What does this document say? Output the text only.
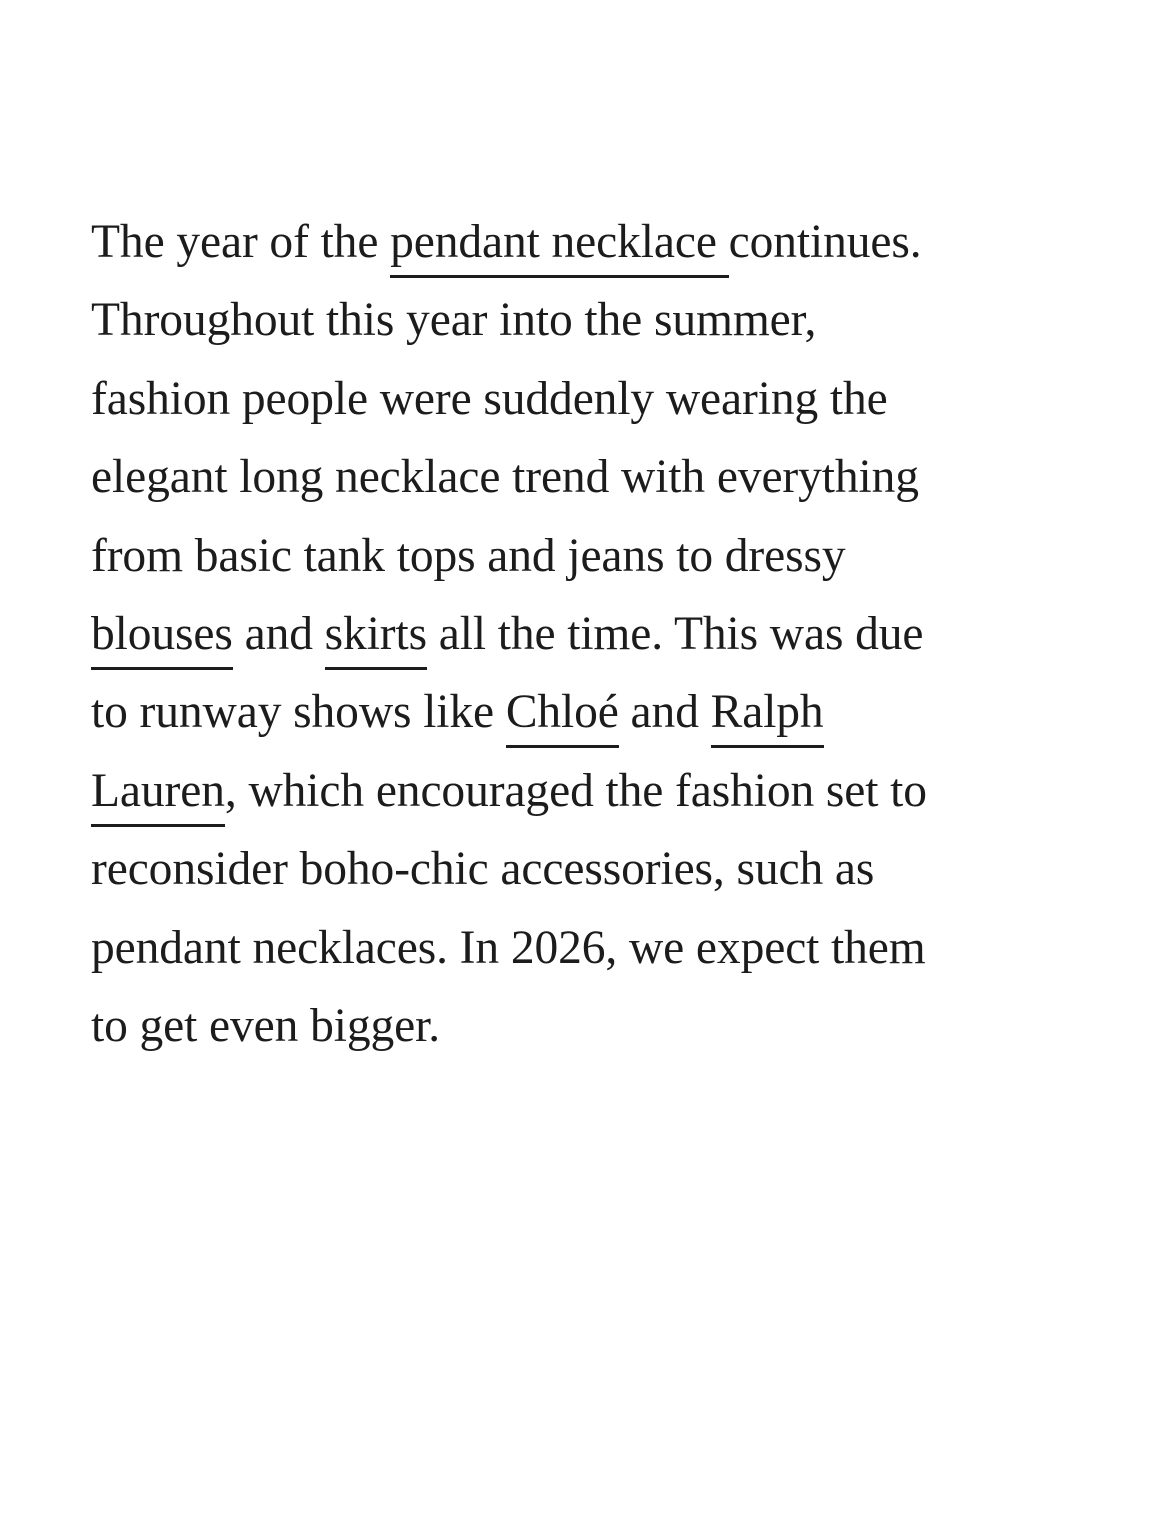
The year of the pendant necklace continues.
Throughout this year into the summer,
fashion people were suddenly wearing the
elegant long necklace trend with everything
from basic tank tops and jeans to dressy
blouses and skirts all the time. This was due
to runway shows like Chloé and Ralph
Lauren, which encouraged the fashion set to
reconsider boho-chic accessories, such as
pendant necklaces. In 2026, we expect them
to get even bigger.
